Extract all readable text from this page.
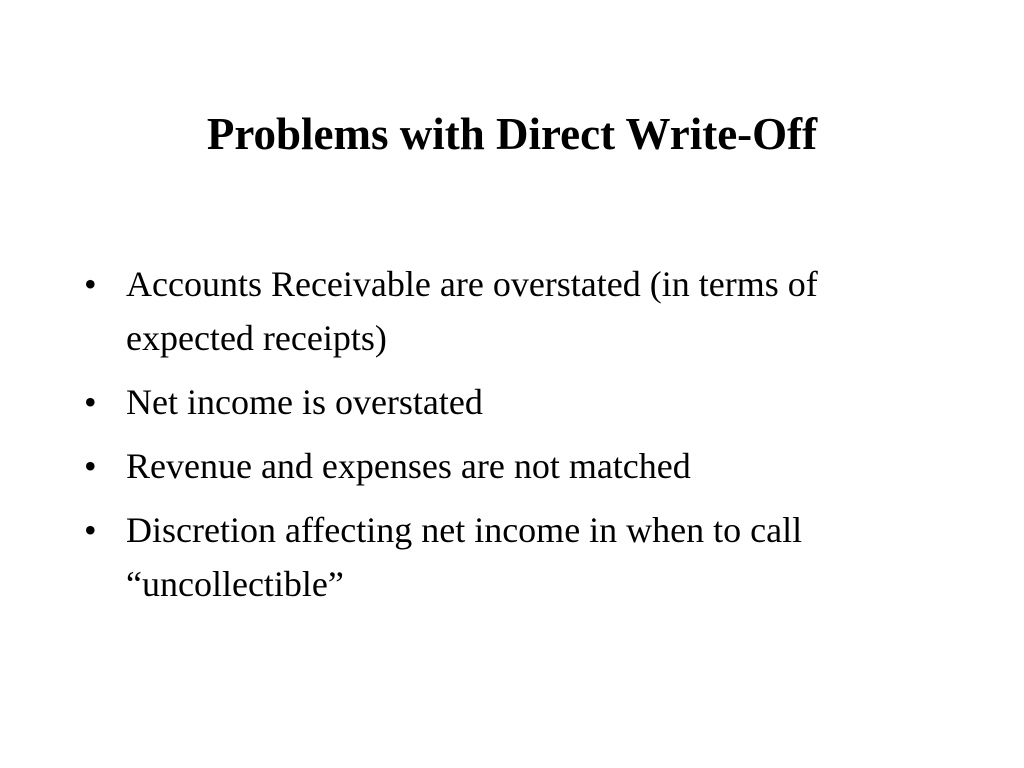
Problems with Direct Write-Off
• Accounts Receivable are overstated (in terms of expected receipts)
• Net income is overstated
• Revenue and expenses are not matched
• Discretion affecting net income in when to call “uncollectible”
